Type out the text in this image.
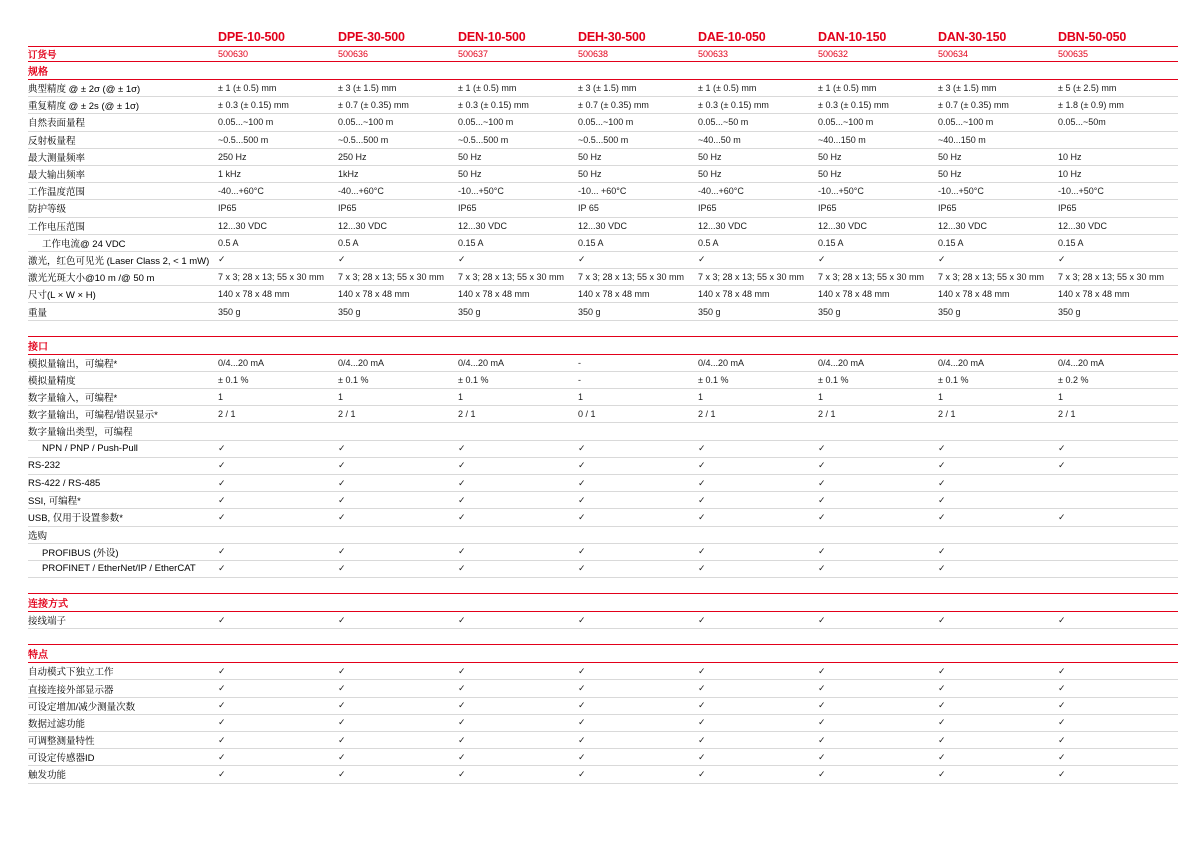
DPE-10-500	DPE-30-500	DEN-10-500	DEH-30-500	DAE-10-050	DAN-10-150	DAN-30-150	DBN-50-050
订货号	500630	500636	500637	500638	500633	500632	500634	500635
规格
典型精度 @ ± 2σ (@ ± 1σ)	± 1 (± 0.5) mm	± 3 (± 1.5) mm	± 1 (± 0.5) mm	± 3 (± 1.5) mm	± 1 (± 0.5) mm	± 1 (± 0.5) mm	± 3 (± 1.5) mm	± 5 (± 2.5) mm
重复精度 @ ± 2s (@ ± 1σ)	± 0.3 (± 0.15) mm	± 0.7 (± 0.35) mm	± 0.3 (± 0.15) mm	± 0.7 (± 0.35) mm	± 0.3 (± 0.15) mm	± 0.3 (± 0.15) mm	± 0.7 (± 0.35) mm	± 1.8 (± 0.9) mm
自然表面量程	0.05...~100 m	0.05...~100 m	0.05...~100 m	0.05...~100 m	0.05...~50 m	0.05...~100 m	0.05...~100 m	0.05...~50m
反射板量程	~0.5...500 m	~0.5...500 m	~0.5...500 m	~0.5...500 m	~40...50 m	~40...150 m	~40...150 m
最大测量频率	250 Hz	250 Hz	50 Hz	50 Hz	50 Hz	50 Hz	50 Hz	10 Hz
最大输出频率	1 kHz	1kHz	50 Hz	50 Hz	50 Hz	50 Hz	50 Hz	10 Hz
工作温度范围	-40...+60°C	-40...+60°C	-10...+50°C	-10... +60°C	-40...+60°C	-10...+50°C	-10...+50°C	-10...+50°C
防护等级	IP65	IP65	IP65	IP 65	IP65	IP65	IP65	IP65
工作电压范围	12...30 VDC	12...30 VDC	12...30 VDC	12...30 VDC	12...30 VDC	12...30 VDC	12...30 VDC	12...30 VDC
工作电流@ 24 VDC	0.5 A	0.5 A	0.15 A	0.15 A	0.5 A	0.15 A	0.15 A	0.15 A
激光，红色可见光 (Laser Class 2, < 1 mW) ✓	✓	✓	✓	✓	✓	✓	✓
激光光斑大小@10 m /@ 50 m	7 x 3; 28 x 13; 55 x 30 mm	7 x 3; 28 x 13; 55 x 30 mm	7 x 3; 28 x 13; 55 x 30 mm	7 x 3; 28 x 13; 55 x 30 mm	7 x 3; 28 x 13; 55 x 30 mm	7 x 3; 28 x 13; 55 x 30 mm	7 x 3; 28 x 13; 55 x 30 mm	7 x 3; 28 x 13; 55 x 30 mm
尺寸(L × W × H)	140 x 78 x 48 mm	140 x 78 x 48 mm	140 x 78 x 48 mm	140 x 78 x 48 mm	140 x 78 x 48 mm	140 x 78 x 48 mm	140 x 78 x 48 mm	140 x 78 x 48 mm
重量	350 g	350 g	350 g	350 g	350 g	350 g	350 g	350 g
接口
模拟量输出，可编程*	0/4...20 mA	0/4...20 mA	0/4...20 mA	-	0/4...20 mA	0/4...20 mA	0/4...20 mA	0/4...20 mA
模拟量精度	± 0.1 %	± 0.1 %	± 0.1 %	-	± 0.1 %	± 0.1 %	± 0.1 %	± 0.2 %
数字量输入，可编程*	1	1	1	1	1	1	1	1
数字量输出，可编程/错误显示*	2 / 1	2 / 1	2 / 1	0 / 1	2 / 1	2 / 1	2 / 1	2 / 1
数字量输出类型，可编程
NPN / PNP / Push-Pull	✓	✓	✓	✓	✓	✓	✓	✓
RS-232	✓	✓	✓	✓	✓	✓	✓	✓
RS-422 / RS-485	✓	✓	✓	✓	✓	✓	✓
SSI, 可编程*	✓	✓	✓	✓	✓	✓	✓
USB, 仅用于设置参数*	✓	✓	✓	✓	✓	✓	✓	✓
选购
PROFIBUS (外设)	✓	✓	✓	✓	✓	✓	✓
PROFINET / EtherNet/IP / EtherCAT	✓	✓	✓	✓	✓	✓	✓
连接方式
接线端子	✓	✓	✓	✓	✓	✓	✓	✓
特点
自动模式下独立工作	✓	✓	✓	✓	✓	✓	✓	✓
直接连接外部显示器	✓	✓	✓	✓	✓	✓	✓	✓
可设定增加/减少测量次数	✓	✓	✓	✓	✓	✓	✓	✓
数据过滤功能	✓	✓	✓	✓	✓	✓	✓	✓
可调整测量特性	✓	✓	✓	✓	✓	✓	✓	✓
可设定传感器ID	✓	✓	✓	✓	✓	✓	✓	✓
触发功能	✓	✓	✓	✓	✓	✓	✓	✓
